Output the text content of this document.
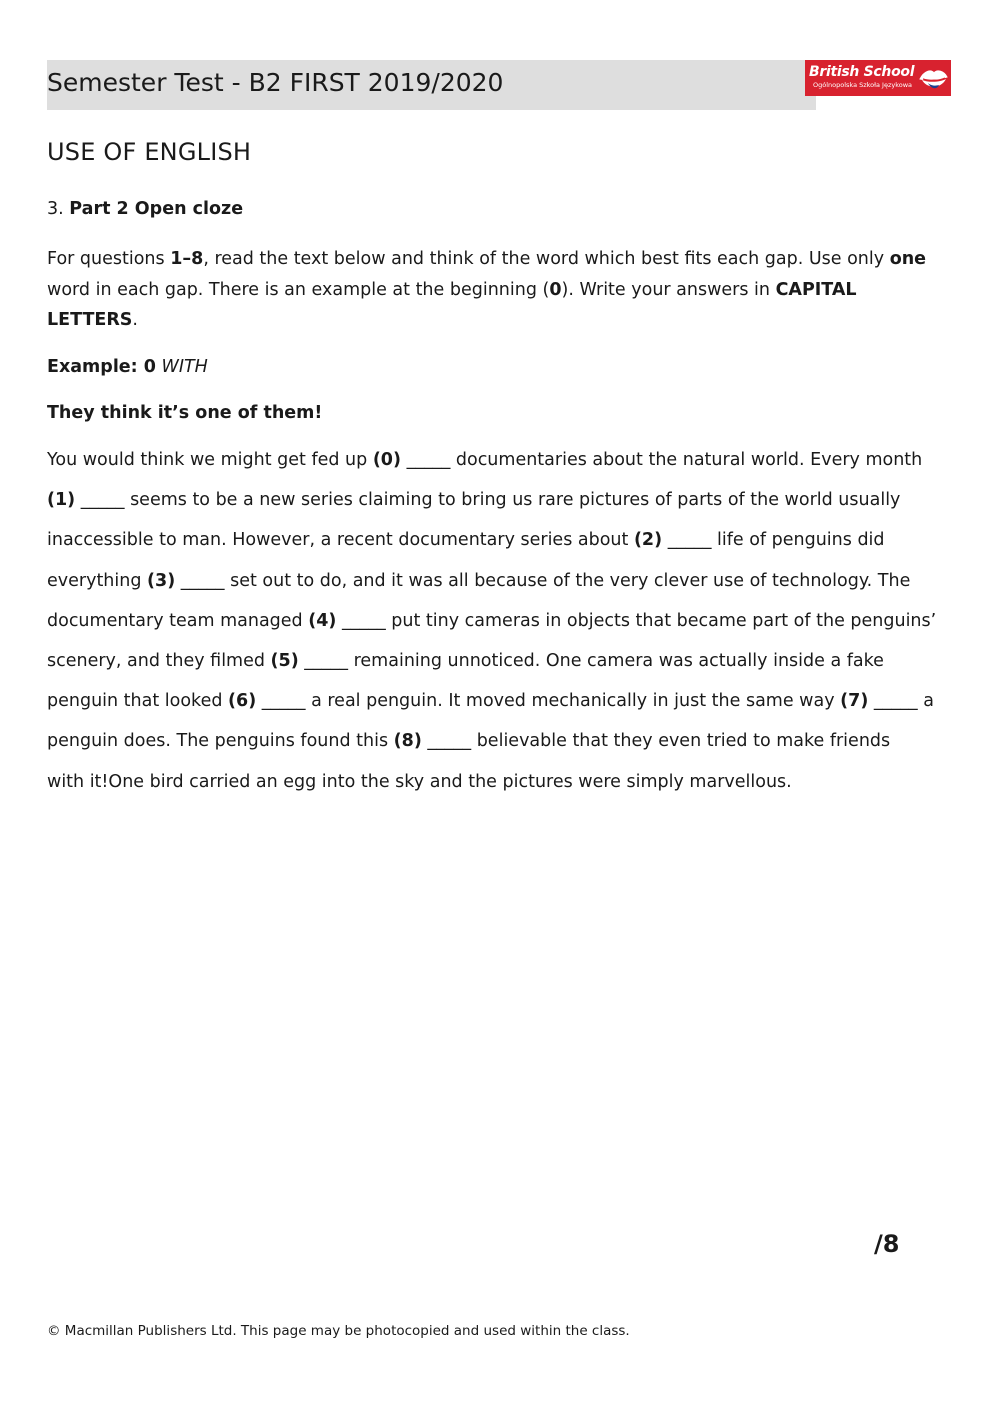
Semester Test - B2 FIRST 2019/2020	British School
Ogólnopolska Szkoła Językowa
USE OF ENGLISH
3. Part 2 Open cloze
For questions 1–8, read the text below and think of the word which best fits each gap. Use only one word in each gap. There is an example at the beginning (0). Write your answers in CAPITAL LETTERS.
Example: 0 WITH
They think it’s one of them!
You would think we might get fed up (0) _____ documentaries about the natural world. Every month
(1) _____ seems to be a new series claiming to bring us rare pictures of parts of the world usually
inaccessible to man. However, a recent documentary series about (2) _____ life of penguins did
everything (3) _____ set out to do, and it was all because of the very clever use of technology. The
documentary team managed (4) _____ put tiny cameras in objects that became part of the penguins’
scenery, and they filmed (5) _____ remaining unnoticed. One camera was actually inside a fake
penguin that looked (6) _____ a real penguin. It moved mechanically in just the same way (7) _____ a
penguin does. The penguins found this (8) _____ believable that they even tried to make friends
with it!One bird carried an egg into the sky and the pictures were simply marvellous.
/8
© Macmillan Publishers Ltd. This page may be photocopied and used within the class.
